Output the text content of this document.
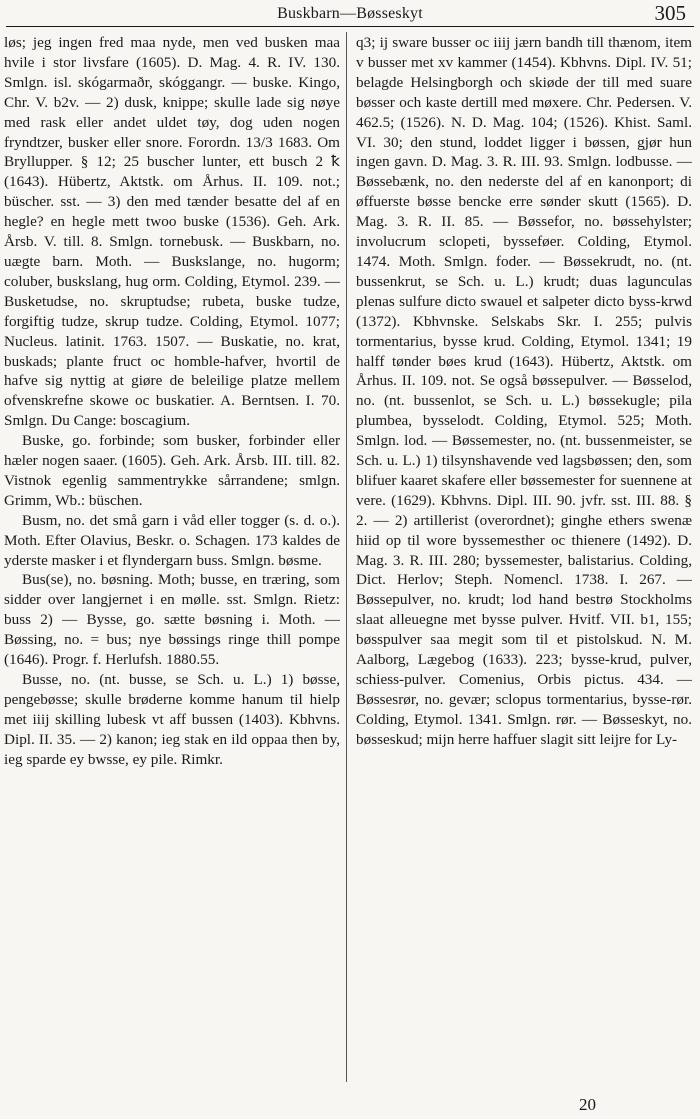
Buskbarn—Bøsseskyt	305

løs; jeg ingen fred maa nyde, men ved busken maa hvile i stor livsfare (1605). D. Mag. 4. R. IV. 130. Smlgn. isl. skógarmaðr, skóggangr. — buske. Kingo, Chr. V. b2v. — 2) dusk, knippe; skulle lade sig nøye med rask eller andet uldet tøy, dog uden nogen fryndtzer, busker eller snore. Forordn. 13/3 1683. Om Bryllupper. § 12; 25 buscher lunter, ett busch 2 ꝁ (1643). Hübertz, Aktstk. om Århus. II. 109. not.; büscher. sst. — 3) den med tænder besatte del af en hegle? en hegle mett twoo buske (1536). Geh. Ark. Årsb. V. till. 8. Smlgn. tornebusk. — Buskbarn, no. uægte barn. Moth. — Buskslange, no. hugorm; coluber, buskslang, hug orm. Colding, Etymol. 239. — Busketudse, no. skruptudse; rubeta, buske tudze, forgiftig tudze, skrup tudze. Colding, Etymol. 1077; Nucleus. latinit. 1763. 1507. — Buskatie, no. krat, buskads; plante fruct oc homble-hafver, hvortil de hafve sig nyttig at giøre de beleilige platze mellem ofvenskrefne skowe oc buskatier. A. Berntsen. I. 70. Smlgn. Du Cange: boscagium.

Buske, go. forbinde; som busker, forbinder eller hæler nogen saaer. (1605). Geh. Ark. Årsb. III. till. 82. Vistnok egenlig sammentrykke sårrandene; smlgn. Grimm, Wb.: büschen.

Busm, no. det små garn i våd eller togger (s. d. o.). Moth. Efter Olavius, Beskr. o. Schagen. 173 kaldes de yderste masker i et flyndergarn buss. Smlgn. bøsme.

Bus(se), no. bøsning. Moth; busse, en træring, som sidder over langjernet i en mølle. sst. Smlgn. Rietz: buss 2) — Bysse, go. sætte bøsning i. Moth. — Bøssing, no. = bus; nye bøssings ringe thill pompe (1646). Progr. f. Herlufsh. 1880.55.

Busse, no. (nt. busse, se Sch. u. L.) 1) bøsse, pengebøsse; skulle brøderne komme hanum til hielp met iiij skilling lubesk vt aff bussen (1403). Kbhvns. Dipl. II. 35. — 2) kanon; ieg stak en ild oppaa then by, ieg sparde ey bwsse, ey pile. Rimkr.

q3; ij sware busser oc iiij jærn bandh till thænom, item v busser met xv kammer (1454). Kbhvns. Dipl. IV. 51; belagde Helsingborgh och skiøde der till med suare bøsser och kaste dertill med møxere. Chr. Pedersen. V. 462.5; (1526). N. D. Mag. 104; (1526). Khist. Saml. VI. 30; den stund, loddet ligger i bøssen, gjør hun ingen gavn. D. Mag. 3. R. III. 93. Smlgn. lodbusse. — Bøssebænk, no. den nederste del af en kanonport; di øffuerste bøsse bencke erre sønder skutt (1565). D. Mag. 3. R. II. 85. — Bøssefor, no. bøssehylster; involucrum sclopeti, bysseføer. Colding, Etymol. 1474. Moth. Smlgn. foder. — Bøssekrudt, no. (nt. bussenkrut, se Sch. u. L.) krudt; duas lagunculas plenas sulfure dicto swauel et salpeter dicto byss-krwd (1372). Kbhvnske. Selskabs Skr. I. 255; pulvis tormentarius, bysse krud. Colding, Etymol. 1341; 19 halff tønder bøes krud (1643). Hübertz, Aktstk. om Århus. II. 109. not. Se også bøssepulver. — Bøsselod, no. (nt. bussenlot, se Sch. u. L.) bøssekugle; pila plumbea, bysselodt. Colding, Etymol. 525; Moth. Smlgn. lod. — Bøssemester, no. (nt. bussenmeister, se Sch. u. L.) 1) tilsynshavende ved lagsbøssen; den, som blifuer kaaret skafere eller bøssemester for suennene at vere. (1629). Kbhvns. Dipl. III. 90. jvfr. sst. III. 88. § 2. — 2) artillerist (overordnet); ginghe ethers swenæ hiid op til wore byssemesther oc thienere (1492). D. Mag. 3. R. III. 280; byssemester, balistarius. Colding, Dict. Herlov; Steph. Nomencl. 1738. I. 267. — Bøssepulver, no. krudt; lod hand bestrø Stockholms slaat alleuegne met bysse pulver. Hvitf. VII. b1, 155; bøsspulver saa megit som til et pistolskud. N. M. Aalborg, Lægebog (1633). 223; bysse-krud, pulver, schiess-pulver. Comenius, Orbis pictus. 434. — Bøssesrør, no. gevær; sclopus tormentarius, bysse-rør. Colding, Etymol. 1341. Smlgn. rør. — Bøsseskyt, no. bøsseskud; mijn herre haffuer slagit sitt leijre for Ly-

20
